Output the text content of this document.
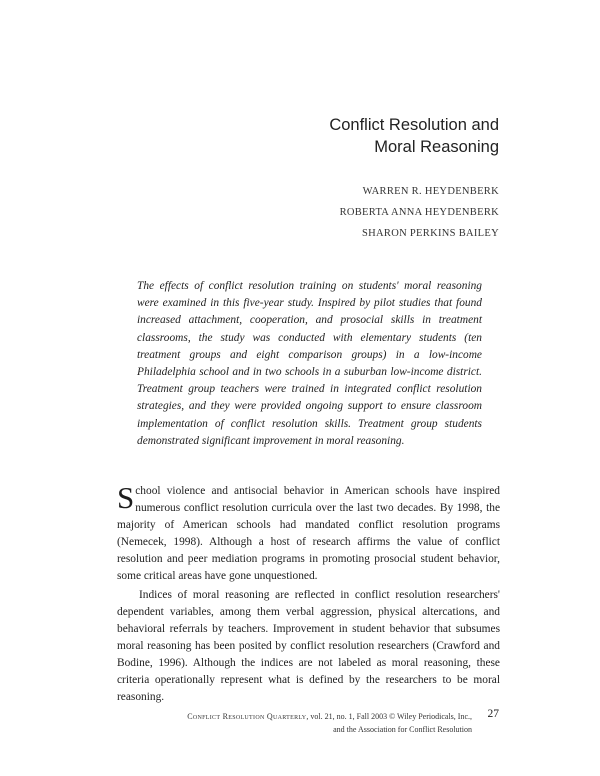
Conflict Resolution and
Moral Reasoning
WARREN R. HEYDENBERK
ROBERTA ANNA HEYDENBERK
SHARON PERKINS BAILEY
The effects of conflict resolution training on students' moral reasoning were examined in this five-year study. Inspired by pilot studies that found increased attachment, cooperation, and prosocial skills in treatment classrooms, the study was conducted with elementary students (ten treatment groups and eight comparison groups) in a low-income Philadelphia school and in two schools in a suburban low-income district. Treatment group teachers were trained in integrated conflict resolution strategies, and they were provided ongoing support to ensure classroom implementation of conflict resolution skills. Treatment group students demonstrated significant improvement in moral reasoning.

School violence and antisocial behavior in American schools have inspired numerous conflict resolution curricula over the last two decades. By 1998, the majority of American schools had mandated conflict resolution programs (Nemecek, 1998). Although a host of research affirms the value of conflict resolution and peer mediation programs in promoting prosocial student behavior, some critical areas have gone unquestioned.

Indices of moral reasoning are reflected in conflict resolution researchers' dependent variables, among them verbal aggression, physical altercations, and behavioral referrals by teachers. Improvement in student behavior that subsumes moral reasoning has been posited by conflict resolution researchers (Crawford and Bodine, 1996). Although the indices are not labeled as moral reasoning, these criteria operationally represent what is defined by the researchers to be moral reasoning.

Conflict Resolution Quarterly, vol. 21, no. 1, Fall 2003 © Wiley Periodicals, Inc.,
and the Association for Conflict Resolution
27
